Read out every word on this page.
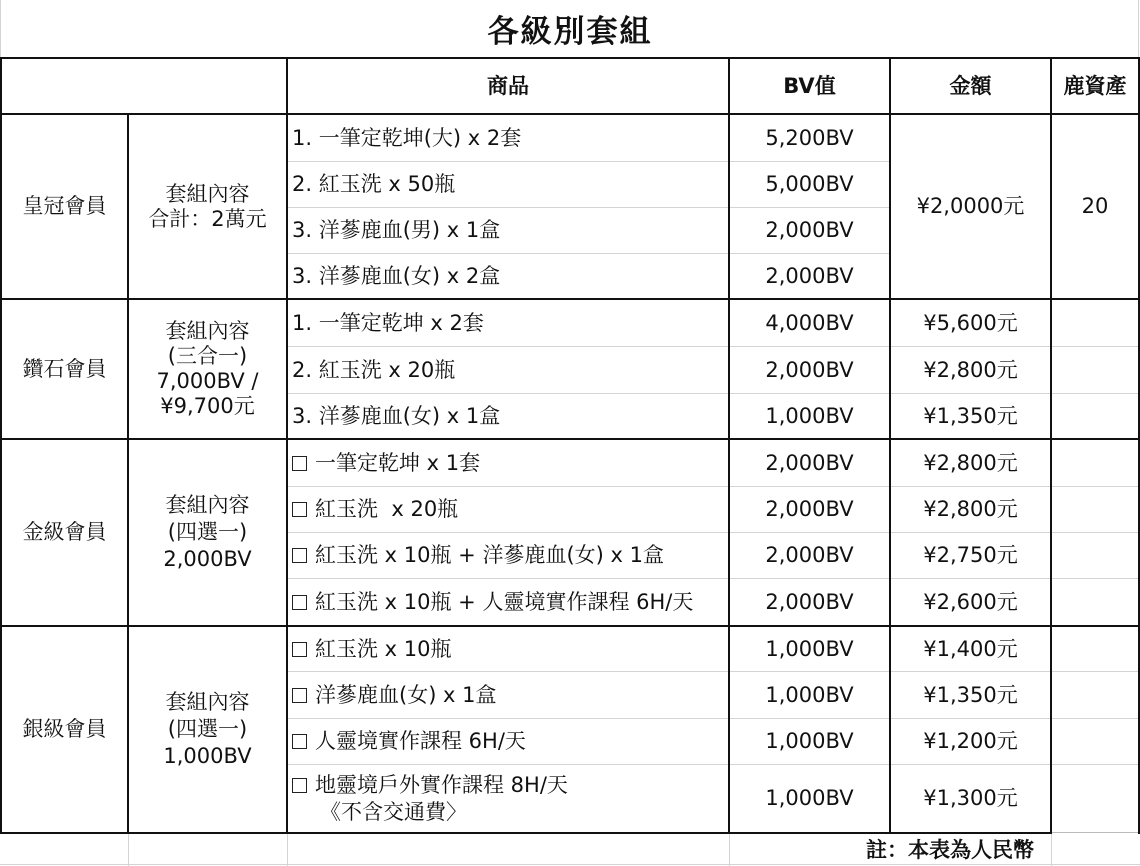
各級別套組
商品	BV值	金額	鹿資產
皇冠會員
套組內容
合計：2萬元
1. 一筆定乾坤(大) x 2套	5,200BV
2. 紅玉洗 x 50瓶	5,000BV
3. 洋蔘鹿血(男) x 1盒	2,000BV
3. 洋蔘鹿血(女) x 2盒	2,000BV
¥2,0000元	20
鑽石會員
套組內容
(三合一)
7,000BV /
¥9,700元
1. 一筆定乾坤 x 2套	4,000BV	¥5,600元
2. 紅玉洗 x 20瓶	2,000BV	¥2,800元
3. 洋蔘鹿血(女) x 1盒	1,000BV	¥1,350元
金級會員
套組內容
(四選一)
2,000BV
一筆定乾坤 x 1套	2,000BV	¥2,800元
紅玉洗  x 20瓶	2,000BV	¥2,800元
紅玉洗 x 10瓶 + 洋蔘鹿血(女) x 1盒	2,000BV	¥2,750元
紅玉洗 x 10瓶 + 人靈境實作課程 6H/天	2,000BV	¥2,600元
銀級會員
套組內容
(四選一)
1,000BV
紅玉洗 x 10瓶	1,000BV	¥1,400元
洋蔘鹿血(女) x 1盒	1,000BV	¥1,350元
人靈境實作課程 6H/天	1,000BV	¥1,200元
地靈境戶外實作課程 8H/天
《不含交通費〉
1,000BV	¥1,300元
註：本表為人民幣
